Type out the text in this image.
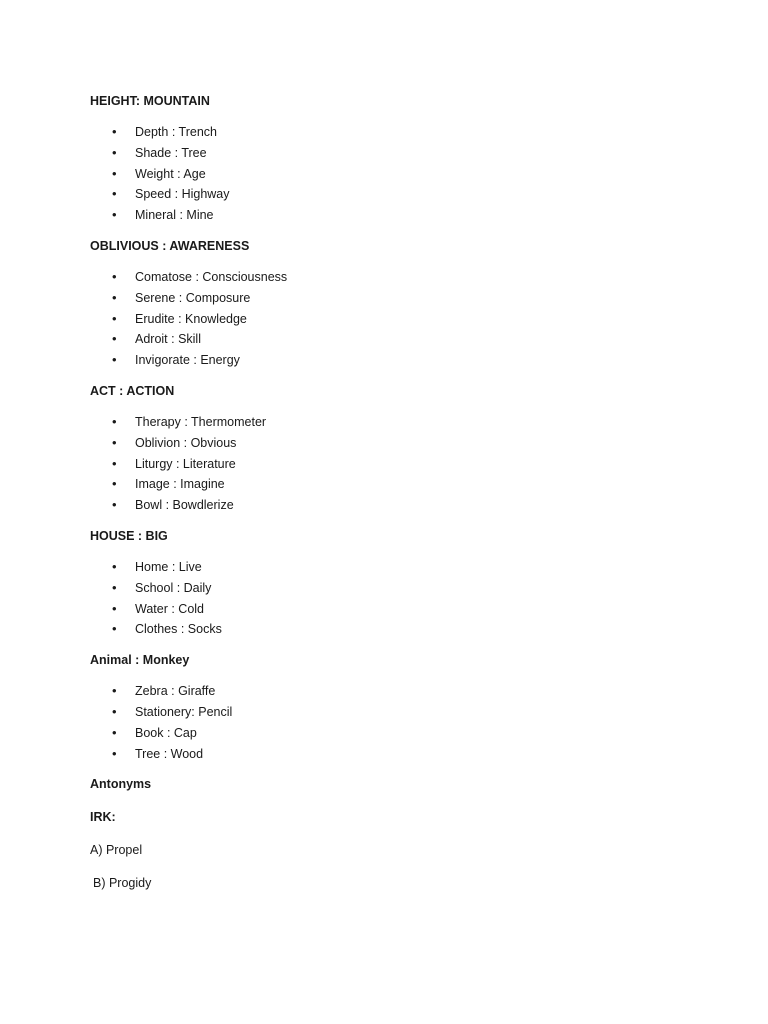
HEIGHT: MOUNTAIN
• Depth : Trench
• Shade : Tree
• Weight : Age
• Speed : Highway
• Mineral : Mine
OBLIVIOUS : AWARENESS
• Comatose : Consciousness
• Serene : Composure
• Erudite : Knowledge
• Adroit : Skill
• Invigorate : Energy
ACT : ACTION
• Therapy : Thermometer
• Oblivion : Obvious
• Liturgy : Literature
• Image : Imagine
• Bowl : Bowdlerize
HOUSE : BIG
• Home : Live
• School : Daily
• Water : Cold
• Clothes : Socks
Animal : Monkey
• Zebra : Giraffe
• Stationery: Pencil
• Book : Cap
• Tree : Wood
Antonyms
IRK:
A) Propel
B) Progidy
